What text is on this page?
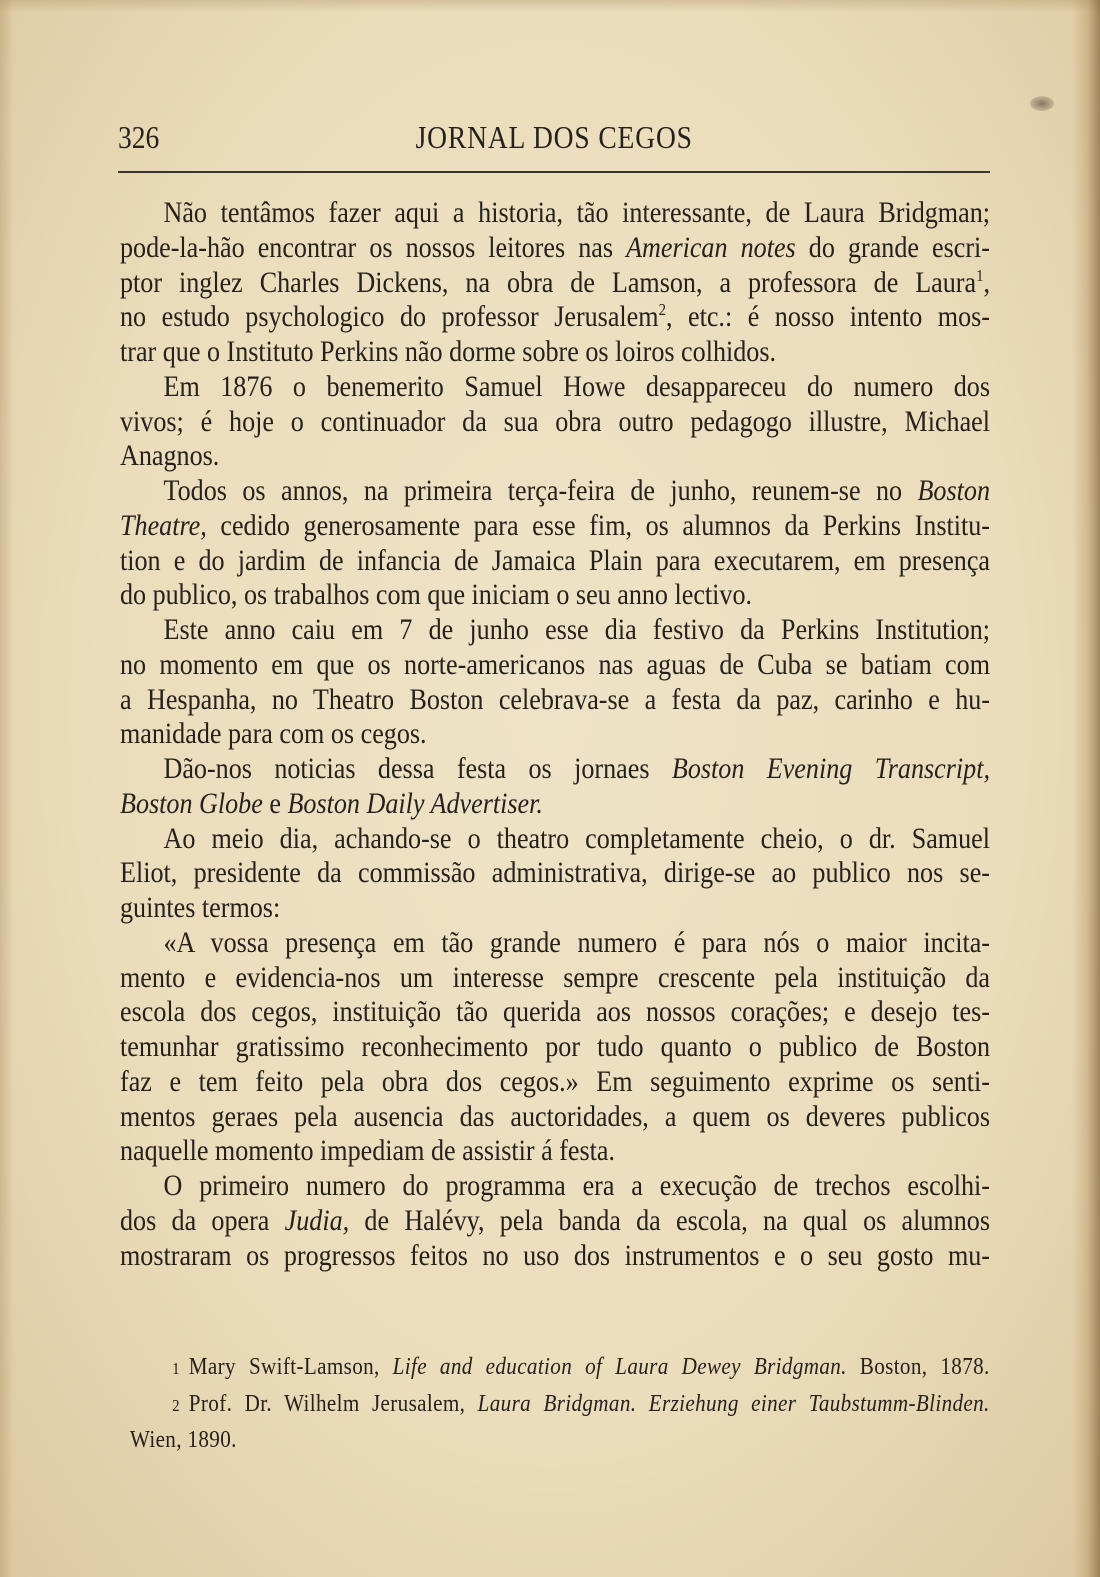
326	JORNAL DOS CEGOS
Não tentâmos fazer aqui a historia, tão interessante, de Laura Bridgman;
pode-la-hão encontrar os nossos leitores nas American notes do grande escri-
ptor inglez Charles Dickens, na obra de Lamson, a professora de Laura$^1$,
no estudo psychologico do professor Jerusalem$^2$, etc.: é nosso intento mos-
trar que o Instituto Perkins não dorme sobre os loiros colhidos.
Em 1876 o benemerito Samuel Howe desappareceu do numero dos
vivos; é hoje o continuador da sua obra outro pedagogo illustre, Michael
Anagnos.
Todos os annos, na primeira terça-feira de junho, reunem-se no Boston
Theatre, cedido generosamente para esse fim, os alumnos da Perkins Institu-
tion e do jardim de infancia de Jamaica Plain para executarem, em presença
do publico, os trabalhos com que iniciam o seu anno lectivo.
Este anno caiu em 7 de junho esse dia festivo da Perkins Institution;
no momento em que os norte-americanos nas aguas de Cuba se batiam com
a Hespanha, no Theatro Boston celebrava-se a festa da paz, carinho e hu-
manidade para com os cegos.
Dão-nos noticias dessa festa os jornaes Boston Evening Transcript,
Boston Globe e Boston Daily Advertiser.
Ao meio dia, achando-se o theatro completamente cheio, o dr. Samuel
Eliot, presidente da commissão administrativa, dirige-se ao publico nos se-
guintes termos:
«A vossa presença em tão grande numero é para nós o maior incita-
mento e evidencia-nos um interesse sempre crescente pela instituição da
escola dos cegos, instituição tão querida aos nossos corações; e desejo tes-
temunhar gratissimo reconhecimento por tudo quanto o publico de Boston
faz e tem feito pela obra dos cegos.» Em seguimento exprime os senti-
mentos geraes pela ausencia das auctoridades, a quem os deveres publicos
naquelle momento impediam de assistir á festa.
O primeiro numero do programma era a execução de trechos escolhi-
dos da opera Judia, de Halévy, pela banda da escola, na qual os alumnos
mostraram os progressos feitos no uso dos instrumentos e o seu gosto mu-
1 Mary Swift-Lamson, Life and education of Laura Dewey Bridgman. Boston, 1878.
2 Prof. Dr. Wilhelm Jerusalem, Laura Bridgman. Erziehung einer Taubstumm-Blinden.
Wien, 1890.
